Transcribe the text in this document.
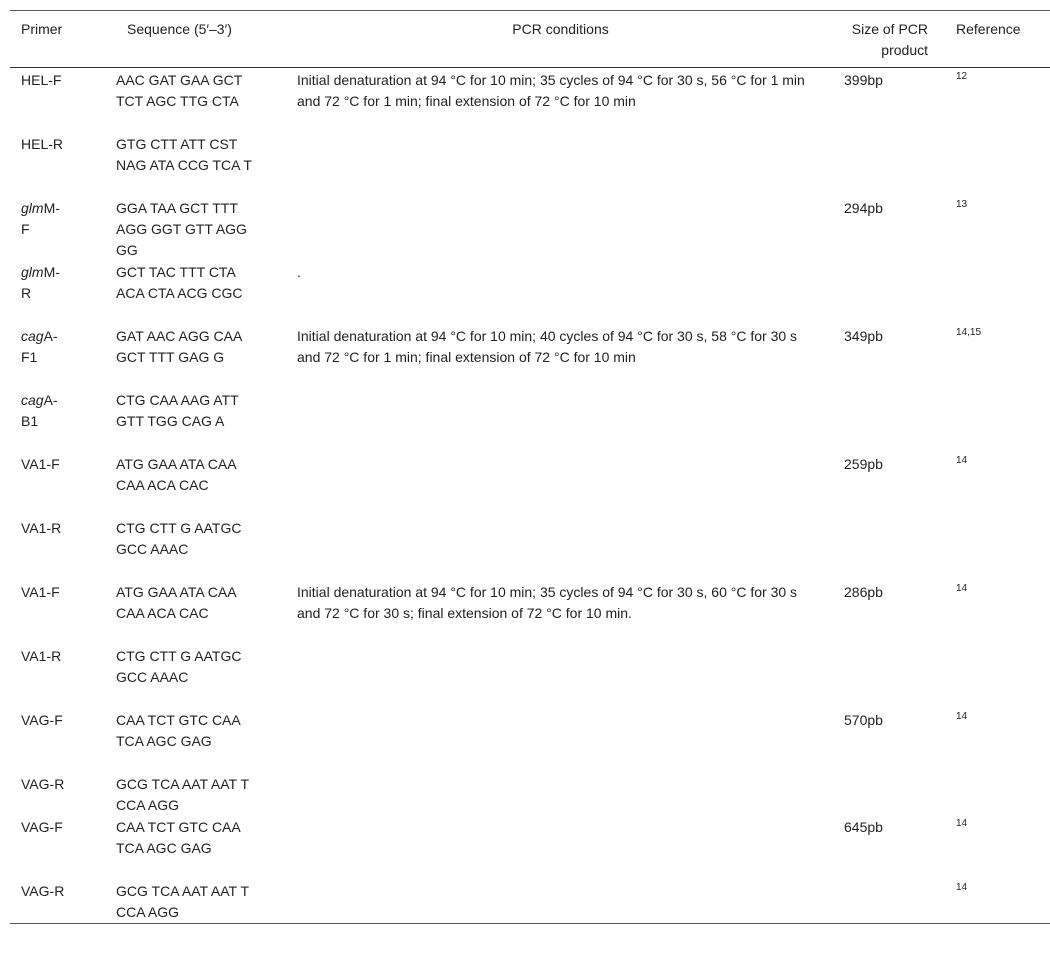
Primer	Sequence (5′–3′)	PCR conditions	Size of PCR product	Reference

HEL-F	AAC GAT GAA GCT TCT AGC TTG CTA	Initial denaturation at 94 °C for 10 min; 35 cycles of 94 °C for 30 s, 56 °C for 1 min and 72 °C for 1 min; final extension of 72 °C for 10 min	399bp	$^{12}$

HEL-R	GTG CTT ATT CST NAG ATA CCG TCA T			

glmM-F	GGA TAA GCT TTT AGG GGT GTT AGG GG		294pb	$^{13}$

glmM-R	GCT TAC TTT CTA ACA CTA ACG CGC	.		

cagA-F1	GAT AAC AGG CAA GCT TTT GAG G	Initial denaturation at 94 °C for 10 min; 40 cycles of 94 °C for 30 s, 58 °C for 30 s and 72 °C for 1 min; final extension of 72 °C for 10 min	349pb	$^{14,15}$

cagA-B1	CTG CAA AAG ATT GTT TGG CAG A			

VA1-F	ATG GAA ATA CAA CAA ACA CAC		259pb	$^{14}$

VA1-R	CTG CTT G AATGC GCC AAAC			

VA1-F	ATG GAA ATA CAA CAA ACA CAC	Initial denaturation at 94 °C for 10 min; 35 cycles of 94 °C for 30 s, 60 °C for 30 s and 72 °C for 30 s; final extension of 72 °C for 10 min.	286pb	$^{14}$

VA1-R	CTG CTT G AATGC GCC AAAC			

VAG-F	CAA TCT GTC CAA TCA AGC GAG		570pb	$^{14}$

VAG-R	GCG TCA AAT AAT T CCA AGG			

VAG-F	CAA TCT GTC CAA TCA AGC GAG		645pb	$^{14}$

VAG-R	GCG TCA AAT AAT T CCA AGG			$^{14}$
